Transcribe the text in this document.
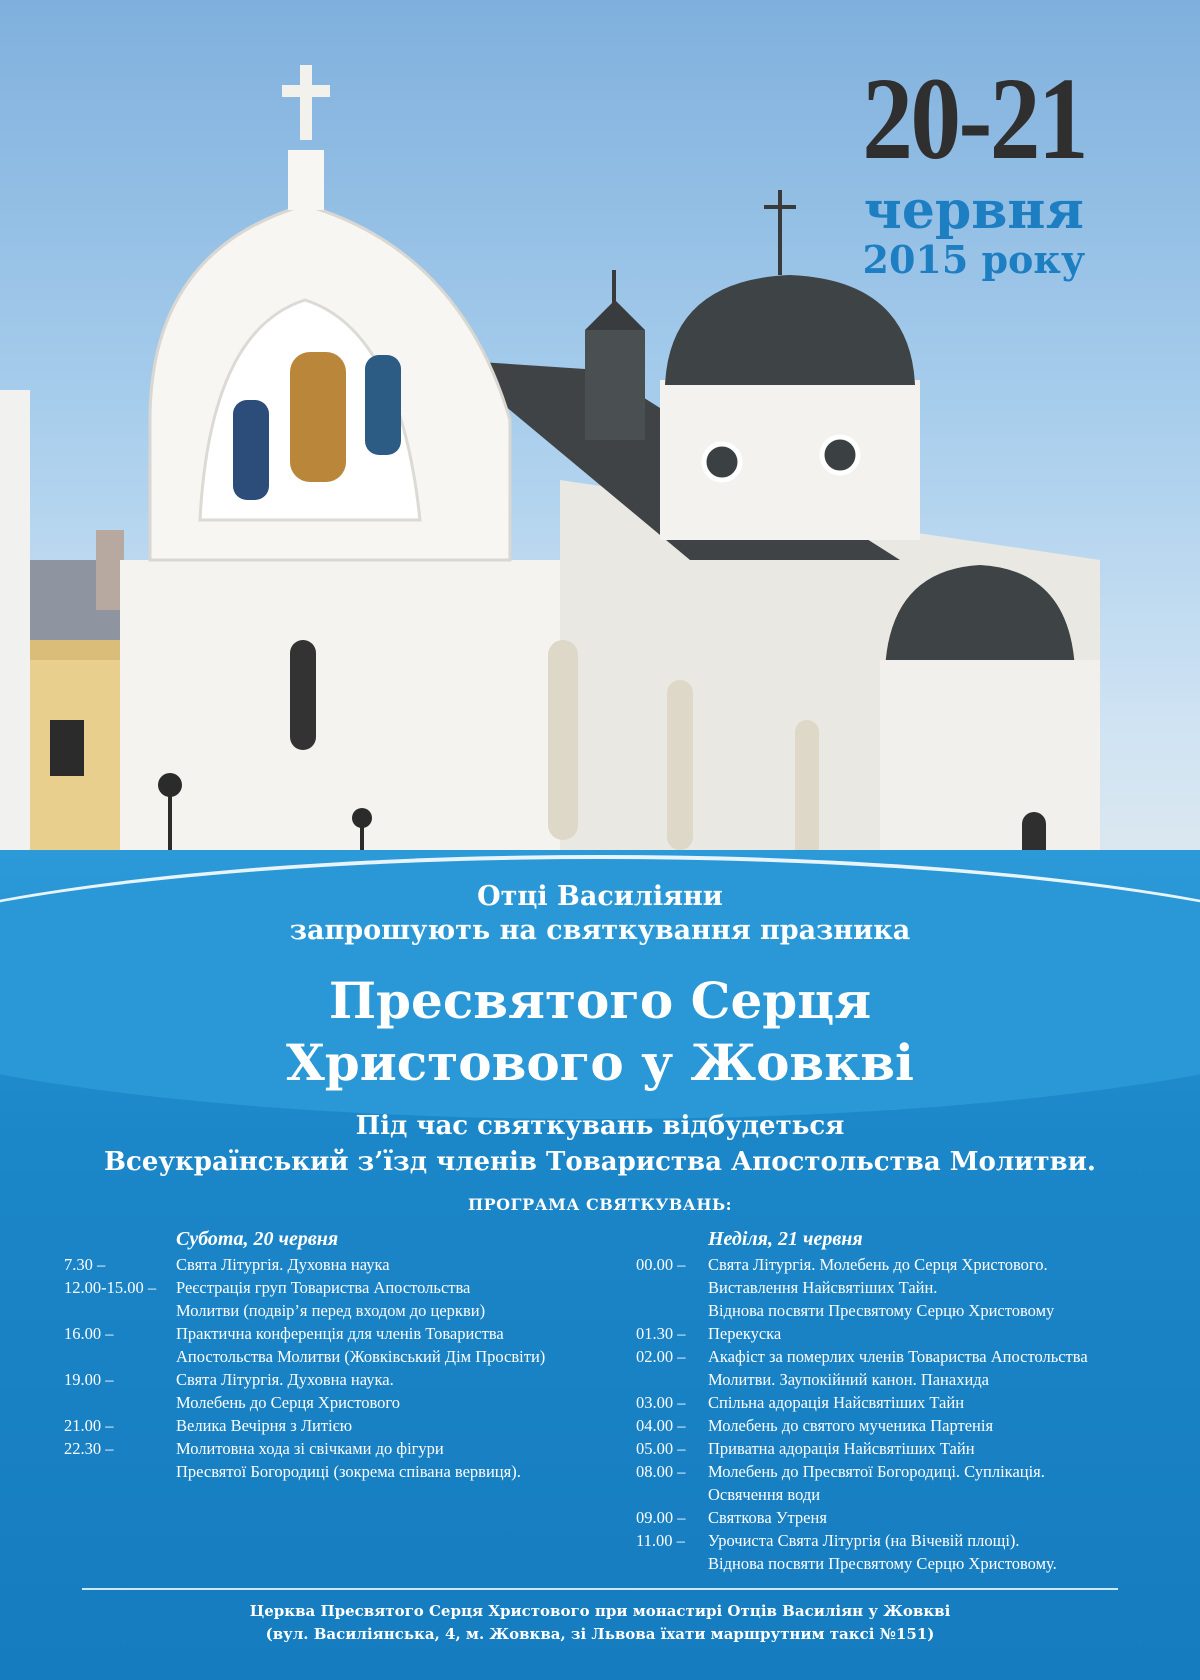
20-21
червня
2015 року
Отці Василіяни
запрошують на святкування празника
Пресвятого Серця
Христового у Жовкві
Під час святкувань відбудеться
Всеукраїнський з’їзд членів Товариства Апостольства Молитви.
ПРОГРАМА СВЯТКУВАНЬ:
Субота, 20 червня
7.30 –	Свята Літургія. Духовна наука
12.00-15.00 –	Реєстрація груп Товариства Апостольства
Молитви (подвір’я перед входом до церкви)
16.00 –	Практична конференція для членів Товариства
Апостольства Молитви (Жовківський Дім Просвіти)
19.00 –	Свята Літургія. Духовна наука.
Молебень до Серця Христового
21.00 –	Велика Вечірня з Литією
22.30 –	Молитовна хода зі свічками до фігури
Пресвятої Богородиці (зокрема співана вервиця).
Неділя, 21 червня
00.00 –	Свята Літургія. Молебень до Серця Христового.
Виставлення Найсвятіших Тайн.
Віднова посвяти Пресвятому Серцю Христовому
01.30 –	Перекуска
02.00 –	Акафіст за померлих членів Товариства Апостольства
Молитви. Заупокійний канон. Панахида
03.00 –	Спільна адорація Найсвятіших Тайн
04.00 –	Молебень до святого мученика Партенія
05.00 –	Приватна адорація Найсвятіших Тайн
08.00 –	Молебень до Пресвятої Богородиці. Суплікація.
Освячення води
09.00 –	Святкова Утреня
11.00 –	Урочиста Свята Літургія (на Вічевій площі).
Віднова посвяти Пресвятому Серцю Христовому.
Церква Пресвятого Серця Христового при монастирі Отців Василіян у Жовкві
(вул. Василіянська, 4, м. Жовква, зі Львова їхати маршрутним таксі №151)
